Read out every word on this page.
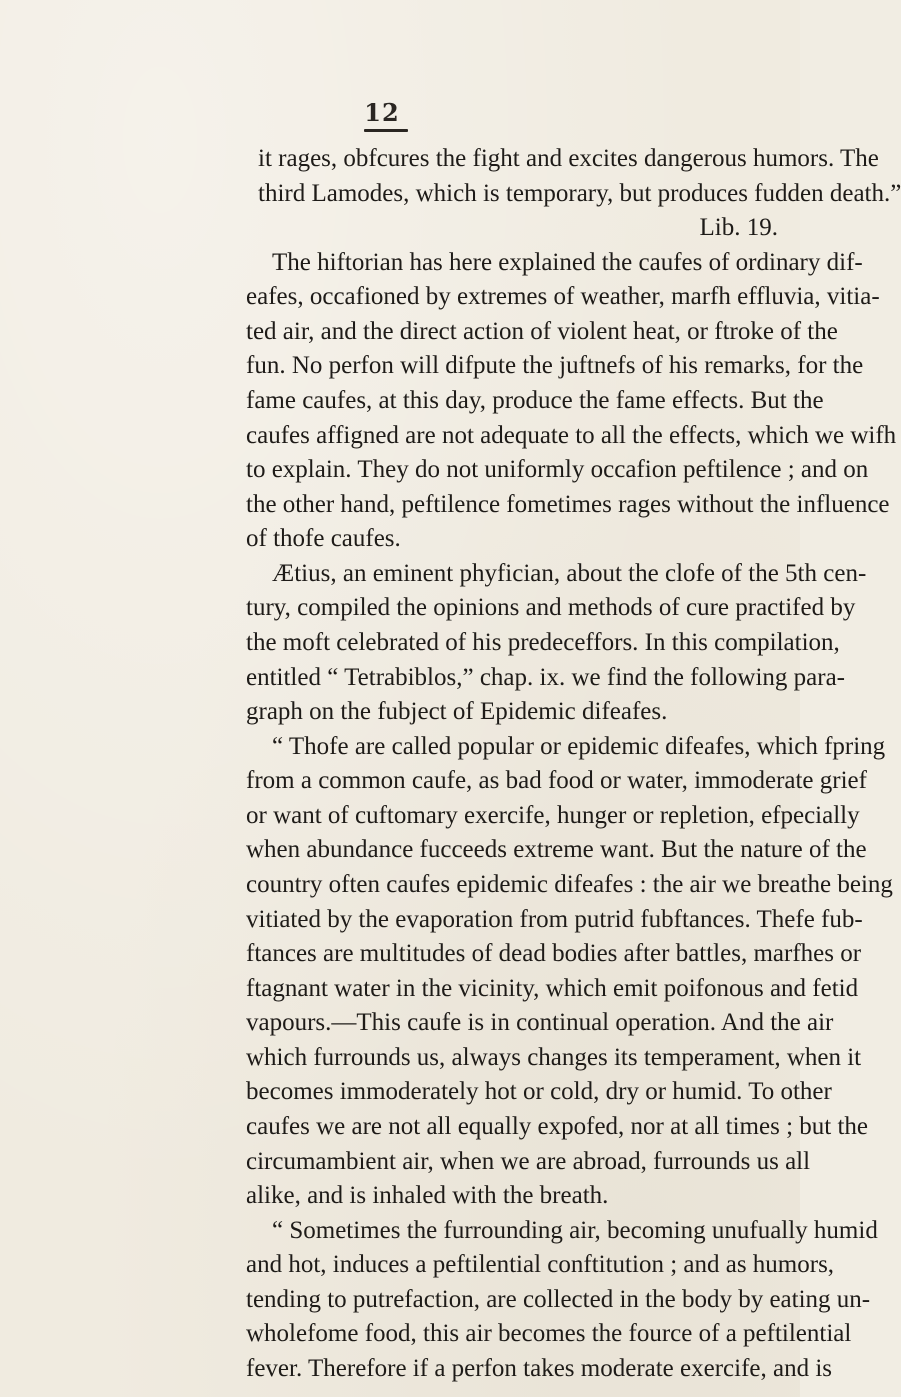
12
it rages, obfcures the fight and excites dangerous humors. The
third Lamodes, which is temporary, but produces fudden death.”
Lib. 19.
The hiftorian has here explained the caufes of ordinary dif-
eafes, occafioned by extremes of weather, marfh effluvia, vitia-
ted air, and the direct action of violent heat, or ftroke of the
fun. No perfon will difpute the juftnefs of his remarks, for the
fame caufes, at this day, produce the fame effects. But the
caufes affigned are not adequate to all the effects, which we wifh
to explain. They do not uniformly occafion peftilence ; and on
the other hand, peftilence fometimes rages without the influence
of thofe caufes.
Ætius, an eminent phyfician, about the clofe of the 5th cen-
tury, compiled the opinions and methods of cure practifed by
the moft celebrated of his predeceffors. In this compilation,
entitled “ Tetrabiblos,” chap. ix. we find the following para-
graph on the fubject of Epidemic difeafes.
“ Thofe are called popular or epidemic difeafes, which fpring
from a common caufe, as bad food or water, immoderate grief
or want of cuftomary exercife, hunger or repletion, efpecially
when abundance fucceeds extreme want. But the nature of the
country often caufes epidemic difeafes : the air we breathe being
vitiated by the evaporation from putrid fubftances. Thefe fub-
ftances are multitudes of dead bodies after battles, marfhes or
ftagnant water in the vicinity, which emit poifonous and fetid
vapours.—This caufe is in continual operation. And the air
which furrounds us, always changes its temperament, when it
becomes immoderately hot or cold, dry or humid. To other
caufes we are not all equally expofed, nor at all times ; but the
circumambient air, when we are abroad, furrounds us all
alike, and is inhaled with the breath.
“ Sometimes the furrounding air, becoming unufually humid
and hot, induces a peftilential conftitution ; and as humors,
tending to putrefaction, are collected in the body by eating un-
wholefome food, this air becomes the fource of a peftilential
fever. Therefore if a perfon takes moderate exercife, and is
